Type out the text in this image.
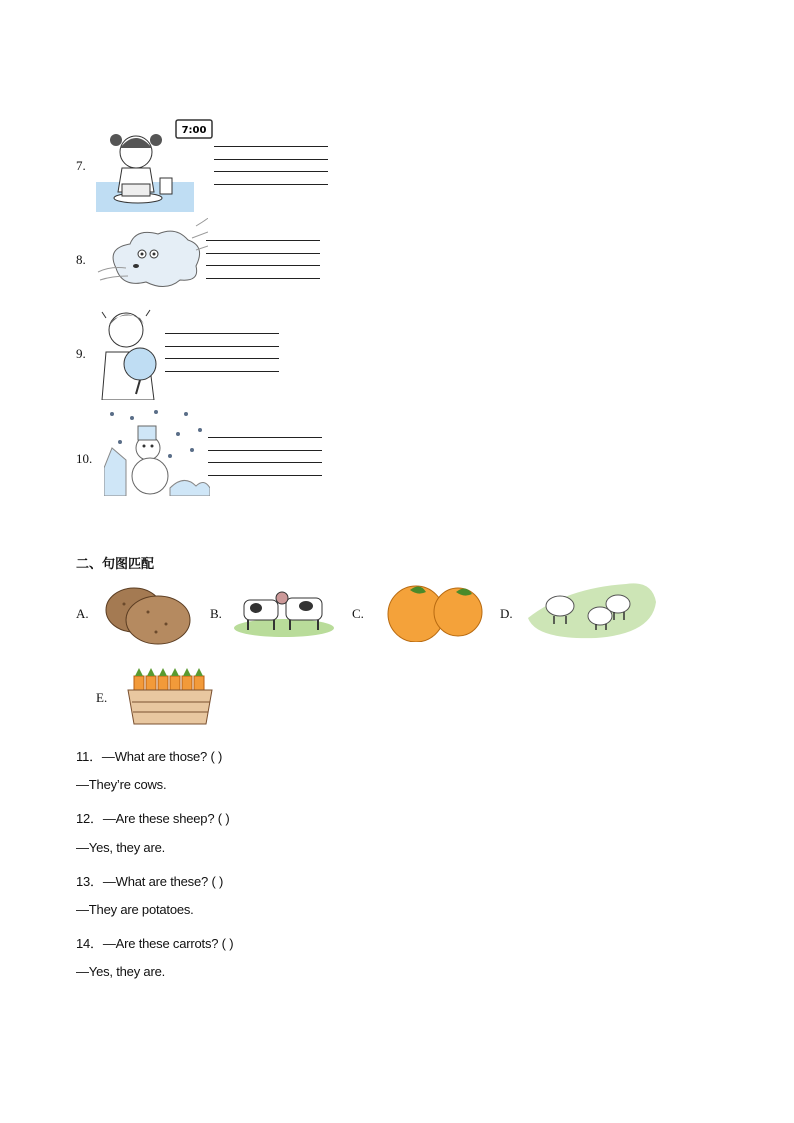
7.
7:00
8.
9.
10.
二、句图匹配
A.	B.	C.	D.
E.
11．—What are those? ( )
—They’re cows.
12．—Are these sheep? ( )
—Yes, they are.
13．—What are these? ( )
—They are potatoes.
14．—Are these carrots? ( )
—Yes, they are.
